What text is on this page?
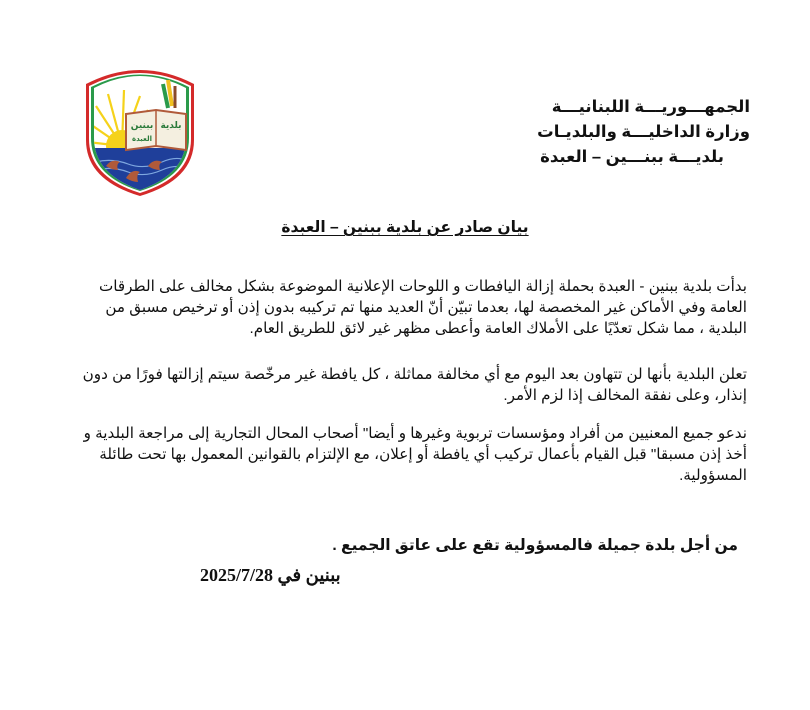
بلدية
ببنين
العبدة
الجمهـــوريـــة اللبنانيـــة
وزارة الداخليـــة والبلديـات
بلديـــة ببنـــين – العبدة
بيان صادر عن بلدية ببنين – العبدة

بدأت بلدية ببنين - العبدة بحملة إزالة اليافطات و اللوحات الإعلانية الموضوعة بشكل مخالف على الطرقات العامة وفي الأماكن غير المخصصة لها، بعدما تبيّن أنّ العديد منها تم تركيبه بدون إذن أو ترخيص مسبق من البلدية ، مما شكل تعدّيًا على الأملاك العامة وأعطى مظهر غير لائق للطريق العام.

تعلن البلدية بأنها لن تتهاون بعد اليوم مع أي مخالفة مماثلة ، كل يافطة غير مرخّصة سيتم إزالتها فورًا من دون إنذار، وعلى نفقة المخالف إذا لزم الأمر.

ندعو جميع المعنيين من أفراد ومؤسسات تربوية وغيرها و أيضا" أصحاب المحال التجارية إلى مراجعة البلدية و أخذ إذن مسبقا" قبل القيام بأعمال تركيب أي يافطة أو إعلان، مع الإلتزام بالقوانين المعمول بها تحت طائلة المسؤولية.

من أجل بلدة جميلة فالمسؤولية تقع على عاتق الجميع .
ببنين في 2025/7/28
